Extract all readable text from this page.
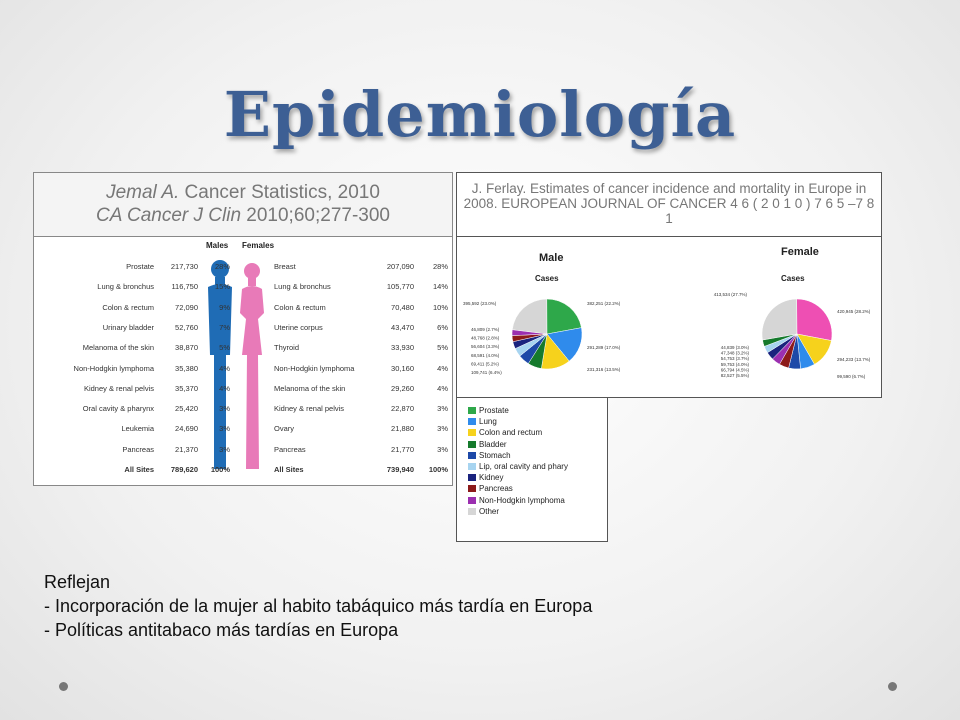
Epidemiología
Jemal A. Cancer Statistics, 2010
CA Cancer J Clin 2010;60;277-300
Males Females
Prostate 217,730 28%	Breast	207,090	28%
Lung & bronchus 116,750 15%	Lung & bronchus	105,770	14%
Colon & rectum	72,090	9%	Colon & rectum	70,480	10%
Urinary bladder	52,760	7%	Uterine corpus	43,470	6%
Melanoma of the skin	38,870	5%	Thyroid	33,930	5%
Non-Hodgkin lymphoma	35,380	4%	Non-Hodgkin lymphoma	30,160	4%
Kidney & renal pelvis	35,370	4%	Melanoma of the skin	29,260	4%
Oral cavity & pharynx	25,420	3%	Kidney & renal pelvis	22,870	3%
Leukemia	24,690	3%	Ovary	21,880	3%
Pancreas	21,370	3%	Pancreas	21,770	3%
All Sites 789,620 100%	All Sites	739,940 100%
J. Ferlay. Estimates of cancer incidence and mortality in Europe in 2008. EUROPEAN JOURNAL OF CANCER 4 6 ( 2 0 1 0 ) 7 6 5 –7 8 1
Male
Cases
Female
Cases
395,592 (23.0%)
46,809 (2.7%)
48,768 (2.8%)
56,604 (3.3%)
68,591 (4.0%)
69,411 (5.2%)
109,741 (6.4%)
382,251 (22.2%)
291,289 (17.0%)
231,316 (13.5%)
413,534 (27.7%)
44,839 (3.0%)
47,348 (3.2%)
54,753 (3.7%)
59,753 (4.0%)
66,794 (4.5%)
82,527 (5.5%)
420,945 (28.2%)
294,233 (13.7%)
99,590 (6.7%)
Prostate
Lung
Colon and rectum
Bladder
Stomach
Lip, oral cavity and phary
Kidney
Pancreas
Non-Hodgkin lymphoma
Other
Reflejan
- Incorporación de la mujer al habito tabáquico más tardía en Europa
- Políticas antitabaco más tardías en Europa
